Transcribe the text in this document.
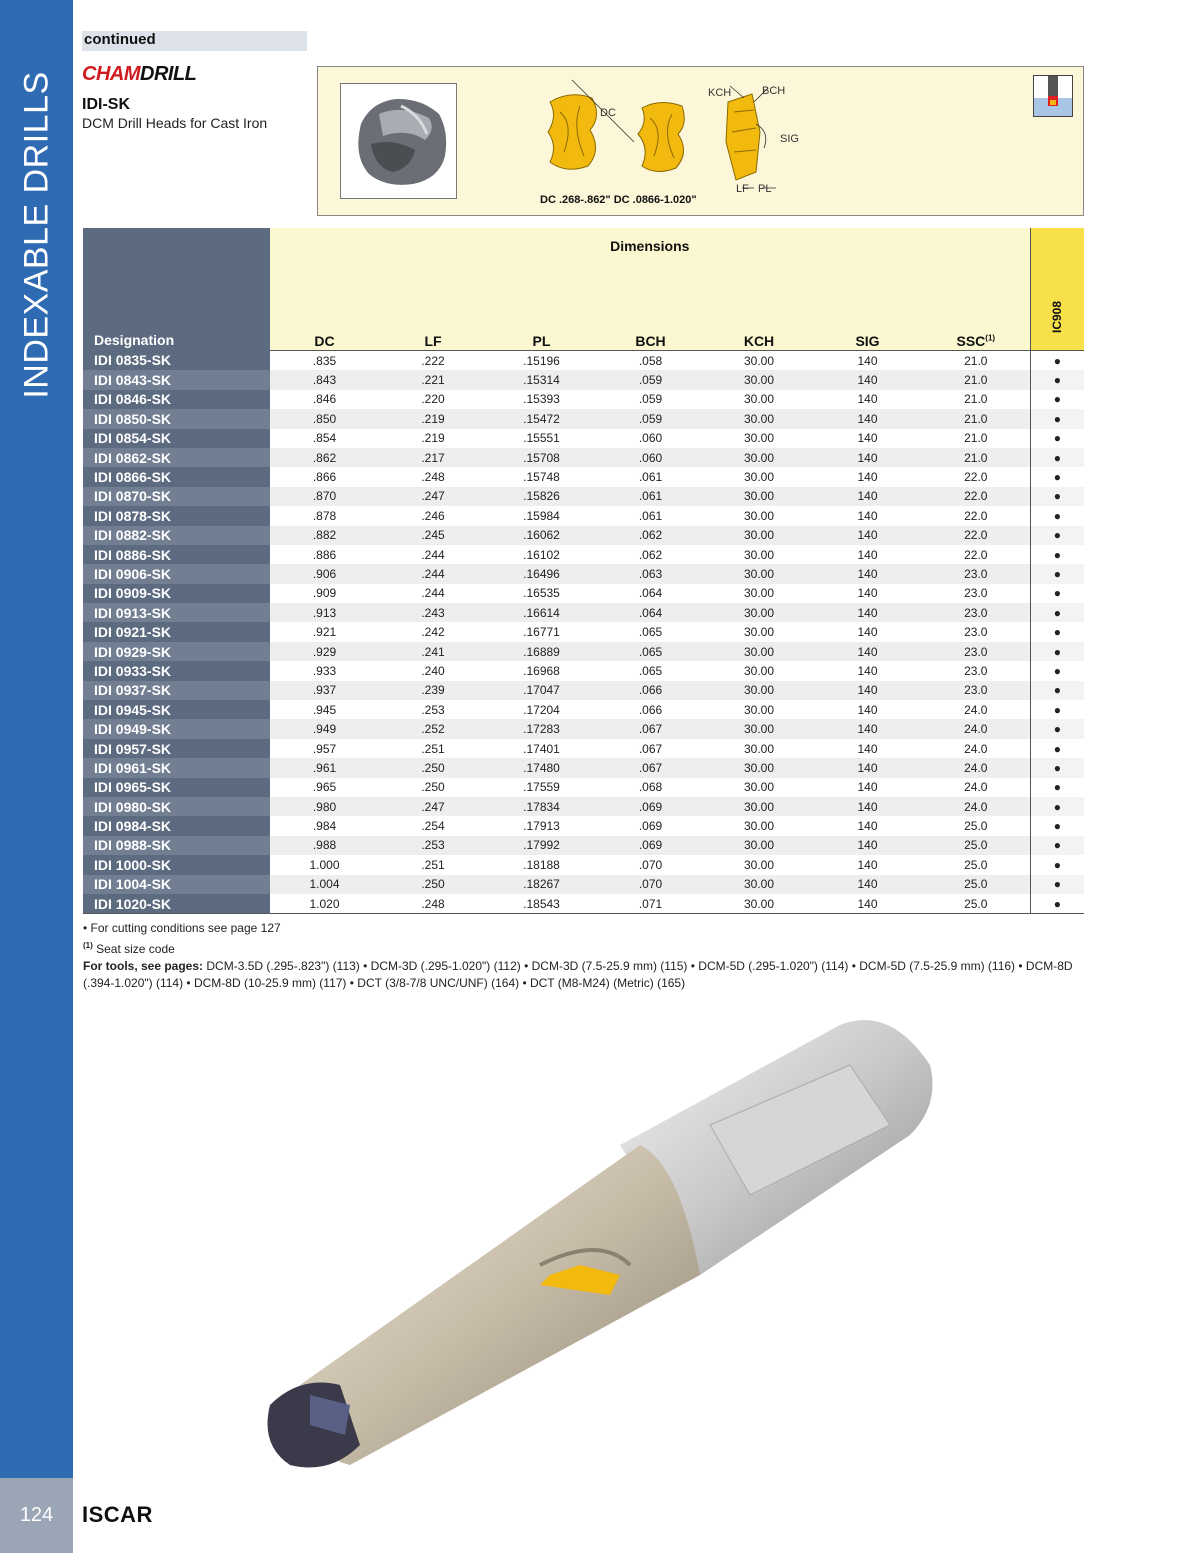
INDEXABLE DRILLS
124	ISCAR
continued
CHAMDRILL
IDI-SK
DCM Drill Heads for Cast Iron
DC
KCH	BCH
SIG
LF PL
DC .268-.862" DC .0866-1.020"
Designation	Dimensions							IC908

	DC	LF	PL	BCH	KCH	SIG	SSC$^{(1)}$
IDI 0835-SK	.835	.222	.15196	.058	30.00	140	21.0	●
IDI 0843-SK	.843	.221	.15314	.059	30.00	140	21.0	●
IDI 0846-SK	.846	.220	.15393	.059	30.00	140	21.0	●
IDI 0850-SK	.850	.219	.15472	.059	30.00	140	21.0	●
IDI 0854-SK	.854	.219	.15551	.060	30.00	140	21.0	●
IDI 0862-SK	.862	.217	.15708	.060	30.00	140	21.0	●
IDI 0866-SK	.866	.248	.15748	.061	30.00	140	22.0	●
IDI 0870-SK	.870	.247	.15826	.061	30.00	140	22.0	●
IDI 0878-SK	.878	.246	.15984	.061	30.00	140	22.0	●
IDI 0882-SK	.882	.245	.16062	.062	30.00	140	22.0	●
IDI 0886-SK	.886	.244	.16102	.062	30.00	140	22.0	●
IDI 0906-SK	.906	.244	.16496	.063	30.00	140	23.0	●
IDI 0909-SK	.909	.244	.16535	.064	30.00	140	23.0	●
IDI 0913-SK	.913	.243	.16614	.064	30.00	140	23.0	●
IDI 0921-SK	.921	.242	.16771	.065	30.00	140	23.0	●
IDI 0929-SK	.929	.241	.16889	.065	30.00	140	23.0	●
IDI 0933-SK	.933	.240	.16968	.065	30.00	140	23.0	●
IDI 0937-SK	.937	.239	.17047	.066	30.00	140	23.0	●
IDI 0945-SK	.945	.253	.17204	.066	30.00	140	24.0	●
IDI 0949-SK	.949	.252	.17283	.067	30.00	140	24.0	●
IDI 0957-SK	.957	.251	.17401	.067	30.00	140	24.0	●
IDI 0961-SK	.961	.250	.17480	.067	30.00	140	24.0	●
IDI 0965-SK	.965	.250	.17559	.068	30.00	140	24.0	●
IDI 0980-SK	.980	.247	.17834	.069	30.00	140	24.0	●
IDI 0984-SK	.984	.254	.17913	.069	30.00	140	25.0	●
IDI 0988-SK	.988	.253	.17992	.069	30.00	140	25.0	●
IDI 1000-SK	1.000	.251	.18188	.070	30.00	140	25.0	●
IDI 1004-SK	1.004	.250	.18267	.070	30.00	140	25.0	●
IDI 1020-SK	1.020	.248	.18543	.071	30.00	140	25.0	●
• For cutting conditions see page 127
$^{(1)}$ Seat size code
For tools, see pages: DCM-3.5D (.295-.823") (113) • DCM-3D (.295-1.020") (112) • DCM-3D (7.5-25.9 mm) (115) • DCM-5D (.295-1.020") (114) • DCM-5D (7.5-25.9 mm) (116) • DCM-8D (.394-1.020") (114) • DCM-8D (10-25.9 mm) (117) • DCT (3/8-7/8 UNC/UNF) (164) • DCT (M8-M24) (Metric) (165)
